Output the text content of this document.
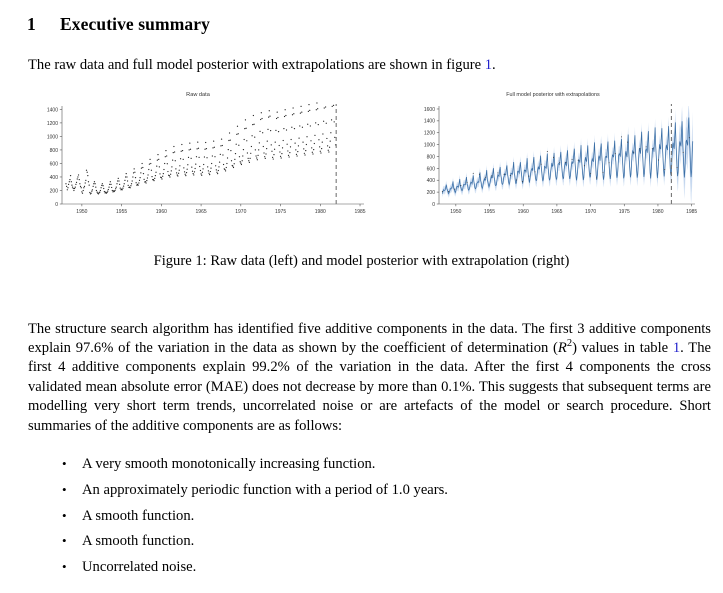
1 Executive summary

The raw data and full model posterior with extrapolations are shown in figure 1.

Raw data
1950	1955	1960	1965	1970	1975	1980	1985
0
200
400
600
800
1000
1200
1400
Full model posterior with extrapolations
1950	1955	1960	1965	1970	1975	1980	1985
0
200
400
600
800
1000
1200
1400
1600
Figure 1: Raw data (left) and model posterior with extrapolation (right)

The structure search algorithm has identified five additive components in the data. The first 3 additive components explain 97.6% of the variation in the data as shown by the coefficient of determination $(R^2)$ values in table 1. The first 4 additive components explain 99.2% of the variation in the data. After the first 4 components the cross validated mean absolute error (MAE) does not decrease by more than 0.1%. This suggests that subsequent terms are modelling very short term trends, uncorrelated noise or are artefacts of the model or search procedure. Short summaries of the additive components are as follows:

• A very smooth monotonically increasing function.
• An approximately periodic function with a period of 1.0 years.
• A smooth function.
• A smooth function.
• Uncorrelated noise.
